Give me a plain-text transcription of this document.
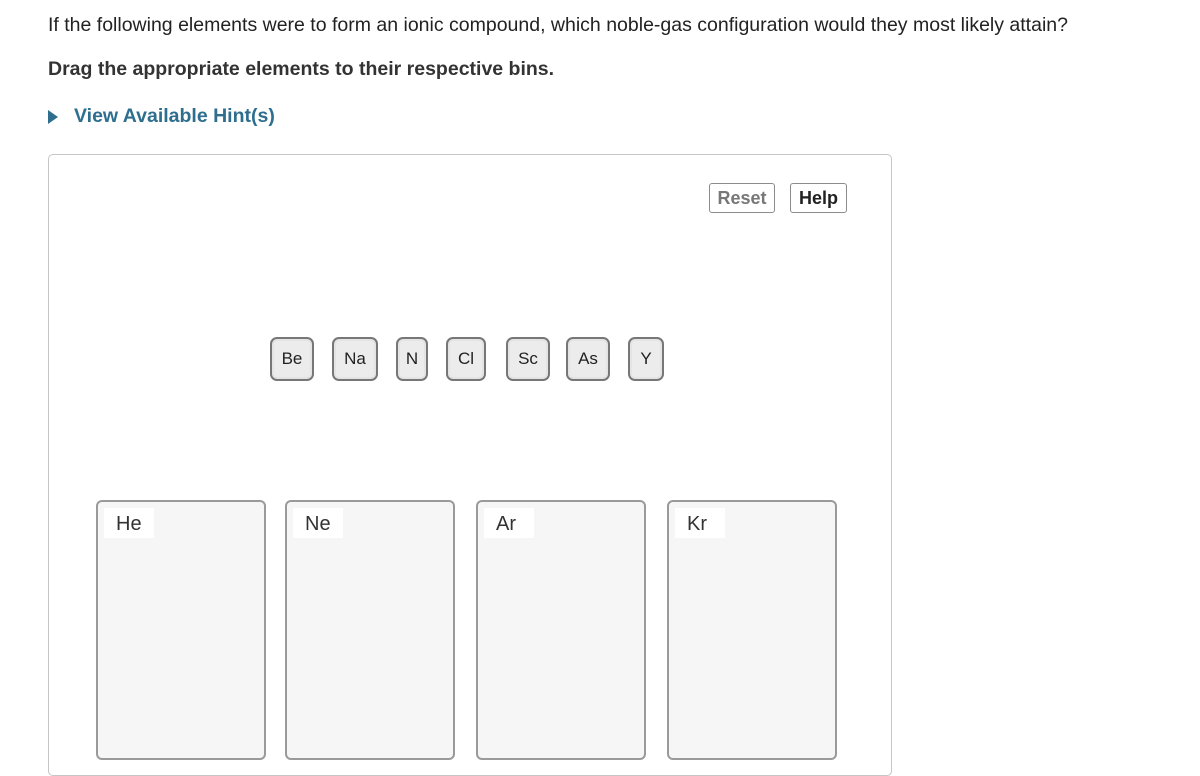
If the following elements were to form an ionic compound, which noble-gas configuration would they most likely attain?
Drag the appropriate elements to their respective bins.
View Available Hint(s)
Reset	Help
Be	Na	N	Cl	Sc	As	Y
He	Ne	Ar	Kr
